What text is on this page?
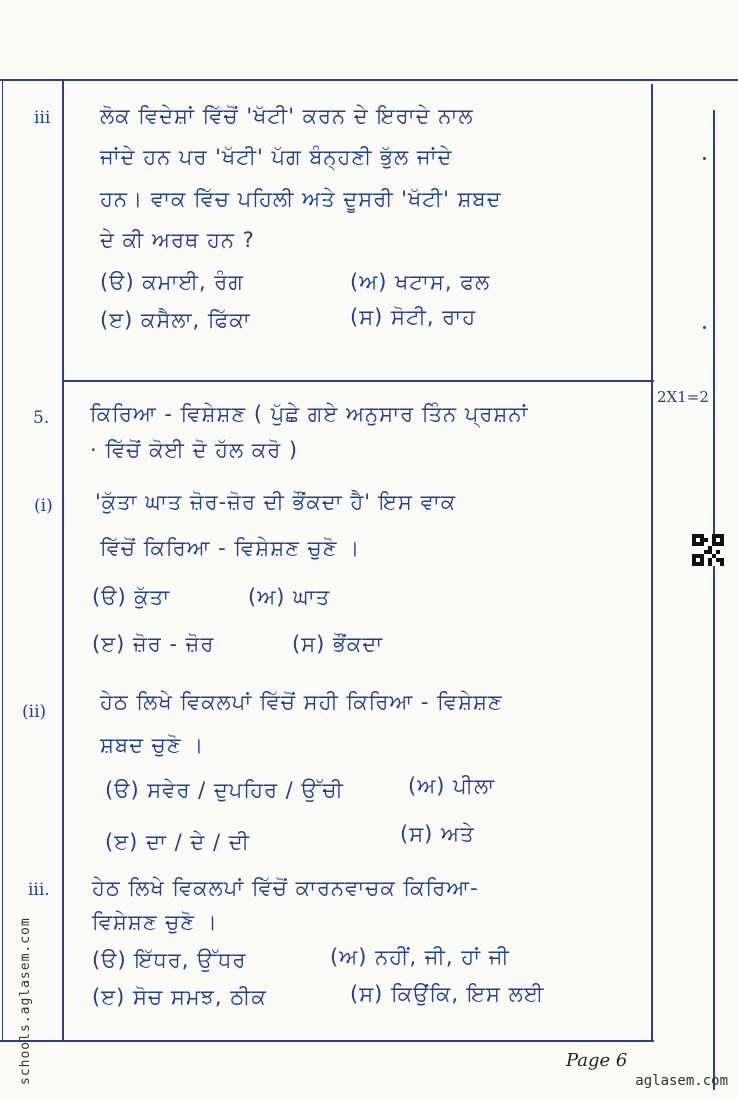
iii ਲੋਕ ਵਿਦੇਸ਼ਾਂ ਵਿੱਚੋਂ 'ਖੱਟੀ' ਕਰਨ ਦੇ ਇਰਾਦੇ ਨਾਲ
ਜਾਂਦੇ ਹਨ ਪਰ 'ਖੱਟੀ' ਪੱਗ ਬੰਨ੍ਹਣੀ ਭੁੱਲ ਜਾਂਦੇ
ਹਨ। ਵਾਕ ਵਿੱਚ ਪਹਿਲੀ ਅਤੇ ਦੂਸਰੀ 'ਖੱਟੀ' ਸ਼ਬਦ
ਦੇ ਕੀ ਅਰਥ ਹਨ ?
(ੳ) ਕਮਾਈ, ਰੰਗ	(ਅ) ਖਟਾਸ, ਫਲ
(ੲ) ਕਸੈਲਾ, ਫਿੱਕਾ	(ਸ) ਸੋਟੀ, ਰਾਹ
5. ਕਿਰਿਆ - ਵਿਸ਼ੇਸ਼ਣ ( ਪੁੱਛੇ ਗਏ ਅਨੁਸਾਰ ਤਿੰਨ ਪ੍ਰਸ਼ਨਾਂ
· ਵਿੱਚੋਂ ਕੋਈ ਦੋ ਹੱਲ ਕਰੋ )
2X1=2
(i) 'ਕੁੱਤਾ ਘਾਤ ਜ਼ੋਰ-ਜ਼ੋਰ ਦੀ ਭੌਂਕਦਾ ਹੈ' ਇਸ ਵਾਕ
ਵਿੱਚੋਂ ਕਿਰਿਆ - ਵਿਸ਼ੇਸ਼ਣ ਚੁਣੋ ।
(ੳ) ਕੁੱਤਾ	(ਅ) ਘਾਤ
(ੲ) ਜ਼ੋਰ - ਜ਼ੋਰ	(ਸ) ਭੌਂਕਦਾ
(ii)	ਹੇਠ ਲਿਖੇ ਵਿਕਲਪਾਂ ਵਿੱਚੋਂ ਸਹੀ ਕਿਰਿਆ - ਵਿਸ਼ੇਸ਼ਣ
ਸ਼ਬਦ ਚੁਣੋ ।
(ੳ) ਸਵੇਰ / ਦੁਪਹਿਰ / ਉੱਚੀ	(ਅ) ਪੀਲਾ
(ੲ) ਦਾ / ਦੇ / ਦੀ	(ਸ) ਅਤੇ
iii. ਹੇਠ ਲਿਖੇ ਵਿਕਲਪਾਂ ਵਿੱਚੋਂ ਕਾਰਨਵਾਚਕ ਕਿਰਿਆ-
ਵਿਸ਼ੇਸ਼ਣ ਚੁਣੋ ।
(ੳ) ਇੱਧਰ, ਉੱਧਰ	(ਅ) ਨਹੀਂ, ਜੀ, ਹਾਂ ਜੀ
(ੲ) ਸੋਚ ਸਮਝ, ਠੀਕ	(ਸ) ਕਿਉਂਕਿ, ਇਸ ਲਈ
Page 6
schools.aglasem.com	aglasem.com
